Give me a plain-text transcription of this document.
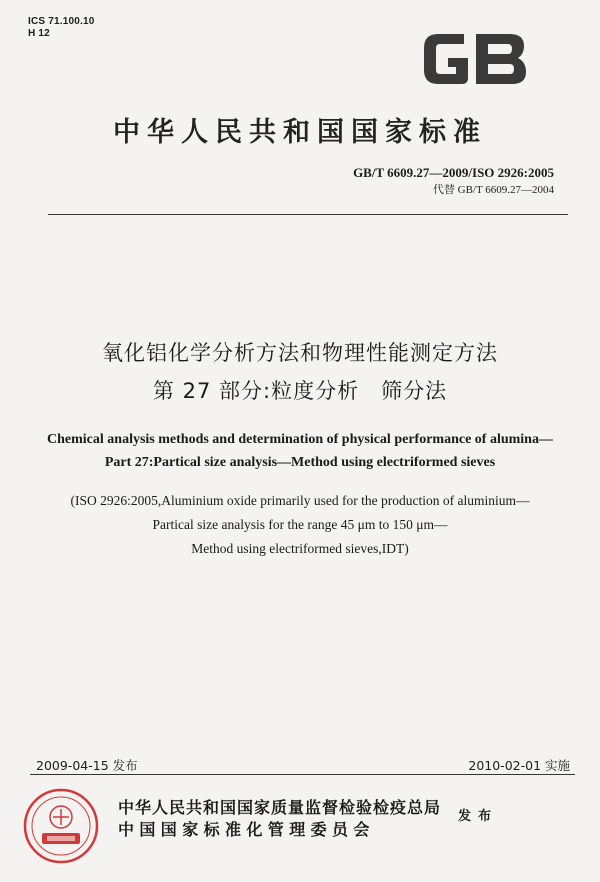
ICS 71.100.10
H 12
中华人民共和国国家标准
GB/T 6609.27—2009/ISO 2926:2005
代替 GB/T 6609.27—2004
氧化铝化学分析方法和物理性能测定方法
第 27 部分:粒度分析　筛分法
Chemical analysis methods and determination of physical performance of alumina—
Part 27:Partical size analysis—Method using electriformed sieves
(ISO 2926:2005,Aluminium oxide primarily used for the production of aluminium—
Partical size analysis for the range 45 μm to 150 μm—
Method using electriformed sieves,IDT)
2009-04-15 发布	2010-02-01 实施
中华人民共和国国家质量监督检验检疫总局
中国国家标准化管理委员会
发布
